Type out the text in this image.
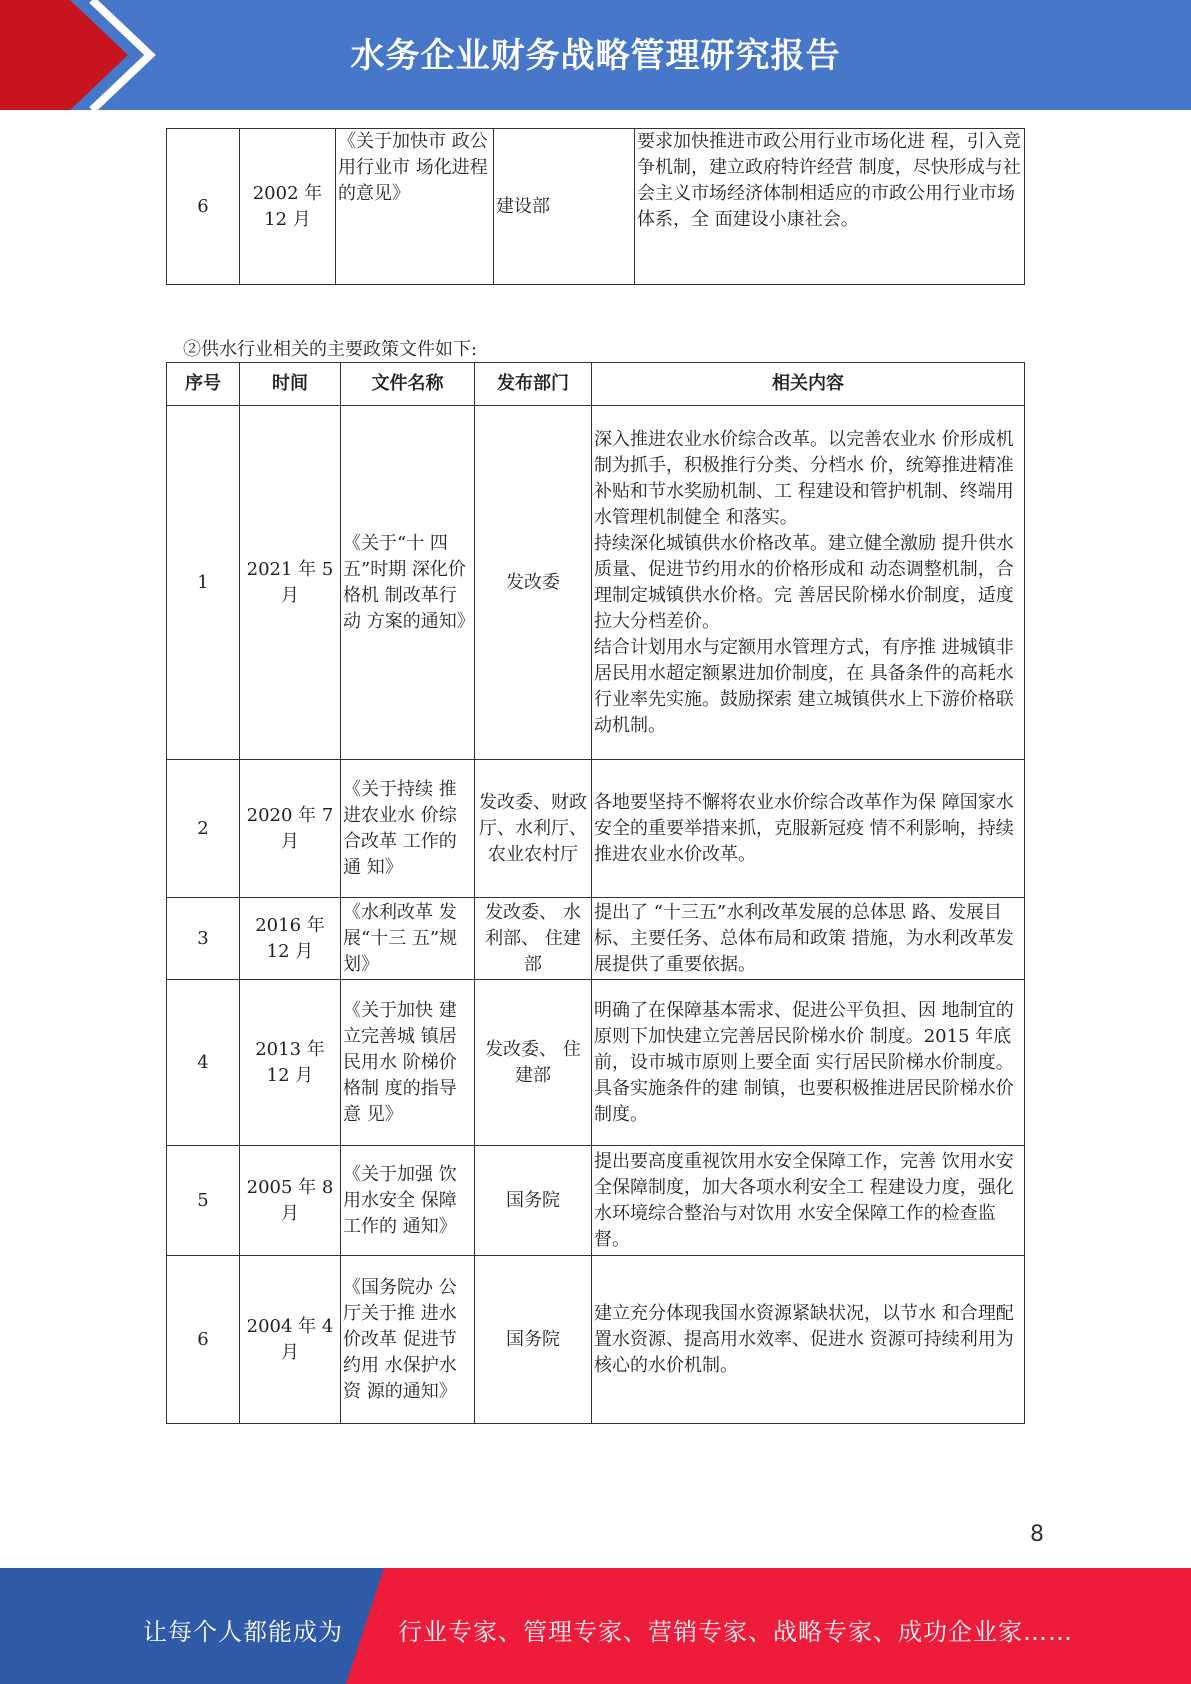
水务企业财务战略管理研究报告
6	2002 年 12 月	《关于加快市 政公用行业市 场化进程的意见》	建设部	要求加快推进市政公用行业市场化进 程，引入竞争机制，建立政府特许经营 制度，尽快形成与社会主义市场经济体制相适应的市政公用行业市场体系，全 面建设小康社会。
②供水行业相关的主要政策文件如下:
序号	时间	文件名称	发布部门	相关内容
1	2021 年 5 月	《关于“十 四五”时期 深化价格机 制改革行动 方案的通知》	发改委	深入推进农业水价综合改革。以完善农业水 价形成机制为抓手，积极推行分类、分档水 价，统筹推进精准补贴和节水奖励机制、工 程建设和管护机制、终端用水管理机制健全 和落实。
持续深化城镇供水价格改革。建立健全激励 提升供水质量、促进节约用水的价格形成和 动态调整机制，合理制定城镇供水价格。完 善居民阶梯水价制度，适度拉大分档差价。
结合计划用水与定额用水管理方式，有序推 进城镇非居民用水超定额累进加价制度，在 具备条件的高耗水行业率先实施。鼓励探索 建立城镇供水上下游价格联动机制。

2	2020 年 7 月	《关于持续 推进农业水 价综合改革 工作的通 知》	发改委、财政厅、水利厅、农业农村厅	各地要坚持不懈将农业水价综合改革作为保 障国家水安全的重要举措来抓，克服新冠疫 情不利影响，持续推进农业水价改革。
3	2016 年 12 月	《水利改革 发展“十三 五”规划》	发改委、 水利部、 住建部	提出了 “十三五”水利改革发展的总体思 路、发展目标、主要任务、总体布局和政策 措施，为水利改革发展提供了重要依据。
4	2013 年 12 月	《关于加快 建立完善城 镇居民用水 阶梯价格制 度的指导意 见》	发改委、 住建部	明确了在保障基本需求、促进公平负担、因 地制宜的原则下加快建立完善居民阶梯水价 制度。2015 年底前，设市城市原则上要全面 实行居民阶梯水价制度。具备实施条件的建 制镇，也要积极推进居民阶梯水价制度。
5	2005 年 8 月	《关于加强 饮用水安全 保障工作的 通知》	国务院	提出要高度重视饮用水安全保障工作，完善 饮用水安全保障制度，加大各项水利安全工 程建设力度，强化水环境综合整治与对饮用 水安全保障工作的检查监督。
6	2004 年 4 月	《国务院办 公厅关于推 进水价改革 促进节约用 水保护水资 源的通知》	国务院	建立充分体现我国水资源紧缺状况，以节水 和合理配置水资源、提高用水效率、促进水 资源可持续利用为核心的水价机制。
8
让每个人都能成为 行业专家、管理专家、营销专家、战略专家、成功企业家……
